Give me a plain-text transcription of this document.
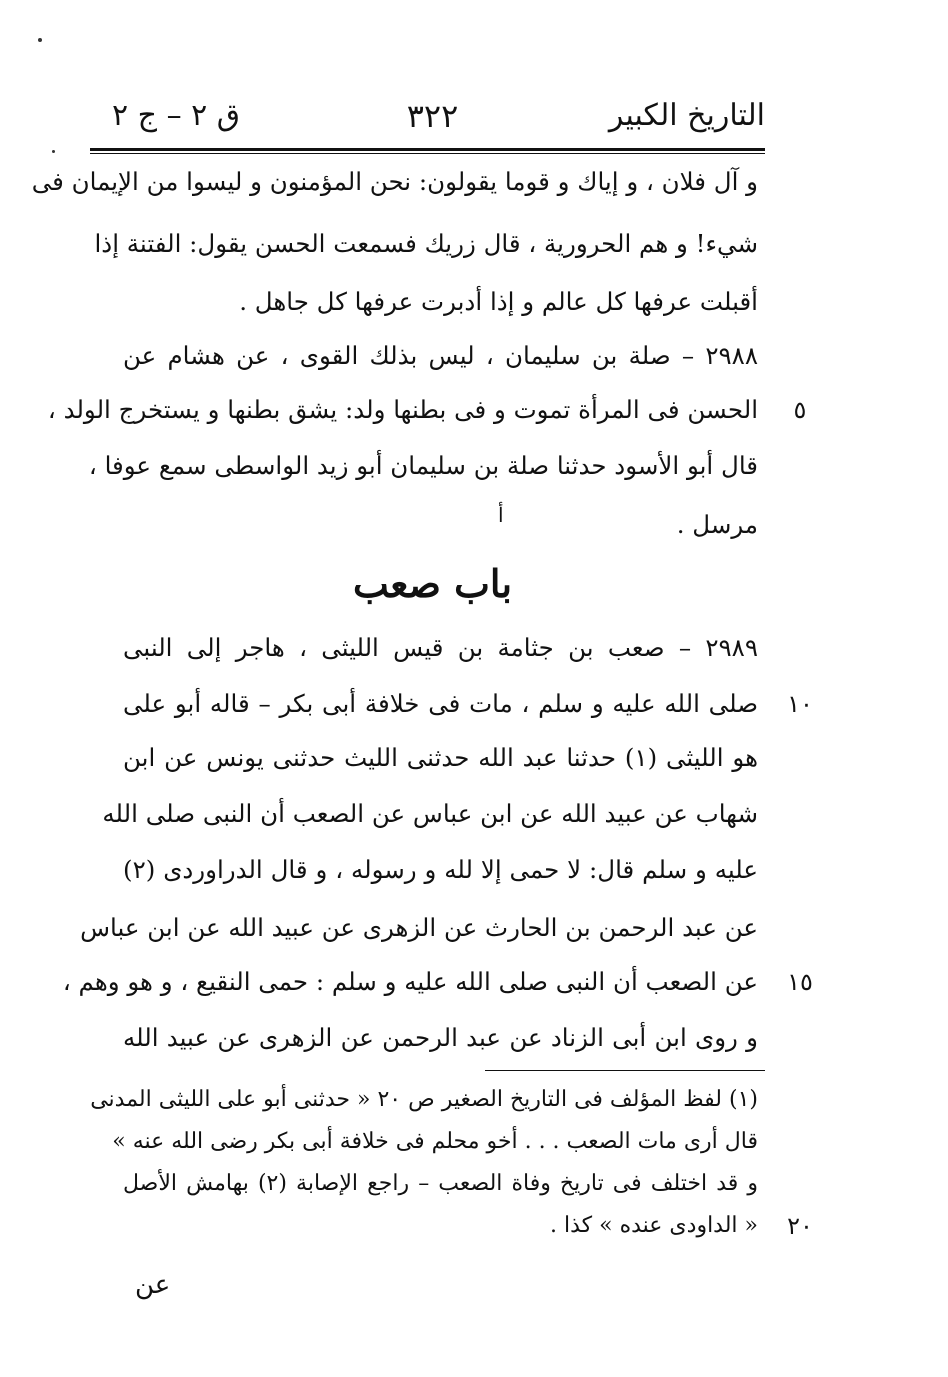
التاريخ الكبير
٣٢٢
ق ٢ – ج ٢
و آل فلان ، و إياك و قوما يقولون: نحن المؤمنون و ليسوا من الإيمان فى
شيء! و هم الحرورية ، قال زريك فسمعت الحسن يقول: الفتنة إذا
أقبلت عرفها كل عالم و إذا أدبرت عرفها كل جاهل .
٢٩٨٨ – صلة بن سليمان ، ليس بذلك القوى ، عن هشام عن
الحسن فى المرأة تموت و فى بطنها ولد: يشق بطنها و يستخرج الولد ،
قال أبو الأسود حدثنا صلة بن سليمان أبو زيد الواسطى سمع عوفا ،
مرسل .
أ
باب صعب
٢٩٨٩ – صعب بن جثامة بن قيس الليثى ، هاجر إلى النبى
صلى الله عليه و سلم ، مات فى خلافة أبى بكر – قاله أبو على
هو الليثى (١) حدثنا عبد الله حدثنى الليث حدثنى يونس عن ابن
شهاب عن عبيد الله عن ابن عباس عن الصعب أن النبى صلى الله
عليه و سلم قال: لا حمى إلا لله و رسوله ، و قال الدراوردى (٢)
عن عبد الرحمن بن الحارث عن الزهرى عن عبيد الله عن ابن عباس
عن الصعب أن النبى صلى الله عليه و سلم : حمى النقيع ، و هو وهم ،
و روى ابن أبى الزناد عن عبد الرحمن عن الزهرى عن عبيد الله
(١) لفظ المؤلف فى التاريخ الصغير ص ٢٠ « حدثنى أبو على الليثى المدنى
قال أرى مات الصعب . . . أخو محلم فى خلافة أبى بكر رضى الله عنه »
و قد اختلف فى تاريخ وفاة الصعب – راجع الإصابة (٢) بهامش الأصل
« الداودى عنده » كذا .
٥
١٠
١٥
٢٠
عن
